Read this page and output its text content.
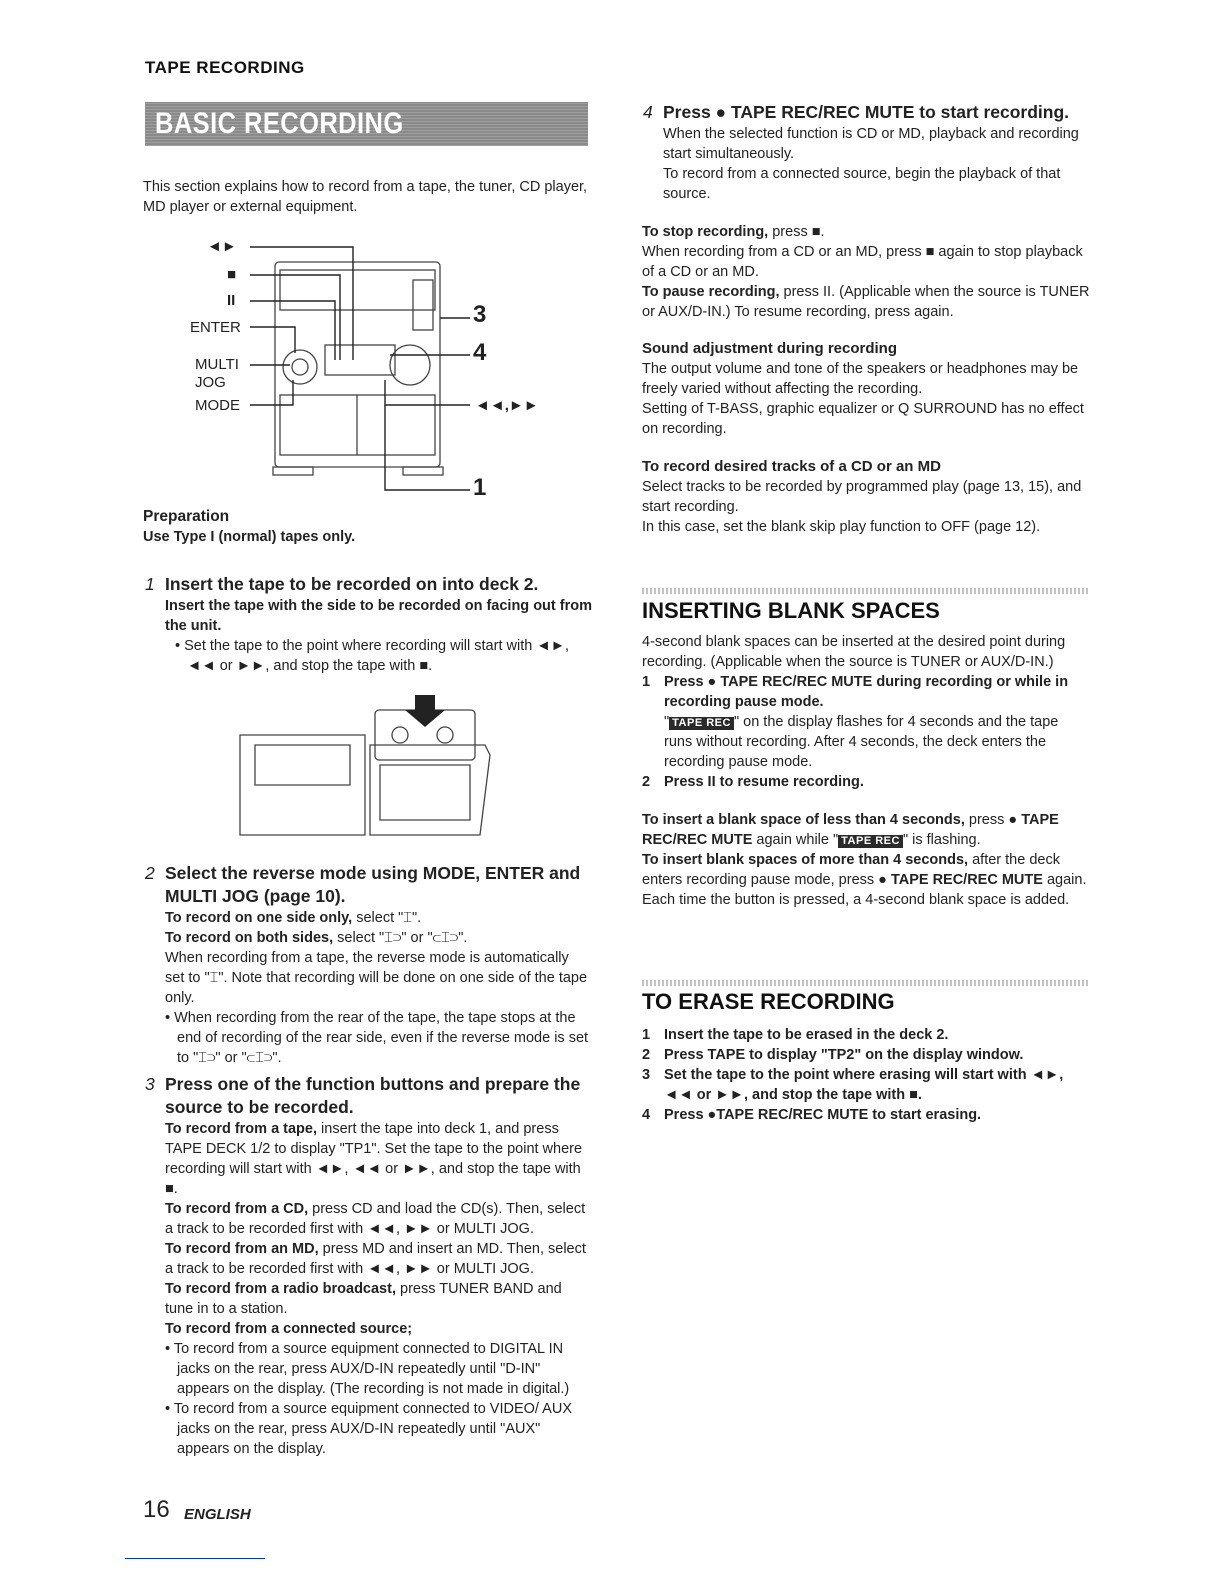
TAPE RECORDING
BASIC RECORDING

This section explains how to record from a tape, the tuner, CD player, MD player or external equipment.

◄►
■
II
ENTER
MULTI
JOG
MODE
3
4
◄◄,►►
1

Preparation

Use Type I (normal) tapes only.

1 Insert the tape to be recorded on into deck 2.

Insert the tape with the side to be recorded on facing out from the unit.

• Set the tape to the point where recording will start with ◄►, ◄◄ or ►►, and stop the tape with ■.

2 Select the reverse mode using MODE, ENTER and MULTI JOG (page 10).

To record on one side only, select "⌶".

To record on both sides, select "⌶⊃" or "⊂⌶⊃".

When recording from a tape, the reverse mode is automatically set to "⌶". Note that recording will be done on one side of the tape only.

• When recording from the rear of the tape, the tape stops at the end of recording of the rear side, even if the reverse mode is set to "⌶⊃" or "⊂⌶⊃".

3 Press one of the function buttons and prepare the source to be recorded.

To record from a tape, insert the tape into deck 1, and press TAPE DECK 1/2 to display "TP1". Set the tape to the point where recording will start with ◄►, ◄◄ or ►►, and stop the tape with ■.

To record from a CD, press CD and load the CD(s). Then, select a track to be recorded first with ◄◄, ►► or MULTI JOG.

To record from an MD, press MD and insert an MD. Then, select a track to be recorded first with ◄◄, ►► or MULTI JOG.

To record from a radio broadcast, press TUNER BAND and tune in to a station.

To record from a connected source;

• To record from a source equipment connected to DIGITAL IN jacks on the rear, press AUX/D-IN repeatedly until "D-IN" appears on the display. (The recording is not made in digital.)

• To record from a source equipment connected to VIDEO/ AUX jacks on the rear, press AUX/D-IN repeatedly until "AUX" appears on the display.

16 ENGLISH

4 Press ● TAPE REC/REC MUTE to start recording.

When the selected function is CD or MD, playback and recording start simultaneously.

To record from a connected source, begin the playback of that source.

To stop recording, press ■.

When recording from a CD or an MD, press ■ again to stop playback of a CD or an MD.

To pause recording, press II. (Applicable when the source is TUNER or AUX/D-IN.) To resume recording, press again.

Sound adjustment during recording

The output volume and tone of the speakers or headphones may be freely varied without affecting the recording.

Setting of T-BASS, graphic equalizer or Q SURROUND has no effect on recording.

To record desired tracks of a CD or an MD

Select tracks to be recorded by programmed play (page 13, 15), and start recording.

In this case, set the blank skip play function to OFF (page 12).

INSERTING BLANK SPACES

4-second blank spaces can be inserted at the desired point during recording. (Applicable when the source is TUNER or AUX/D-IN.)

1 Press ● TAPE REC/REC MUTE during recording or while in recording pause mode.

" TAPE REC " on the display flashes for 4 seconds and the tape runs without recording. After 4 seconds, the deck enters the recording pause mode.

2 Press II to resume recording.

To insert a blank space of less than 4 seconds, press ● TAPE REC/REC MUTE again while " TAPE REC " is flashing.

To insert blank spaces of more than 4 seconds, after the deck enters recording pause mode, press ● TAPE REC/REC MUTE again. Each time the button is pressed, a 4-second blank space is added.

TO ERASE RECORDING

1 Insert the tape to be erased in the deck 2.
2 Press TAPE to display "TP2" on the display window.
3 Set the tape to the point where erasing will start with ◄►, ◄◄ or ►►, and stop the tape with ■.
4 Press ●TAPE REC/REC MUTE to start erasing.
